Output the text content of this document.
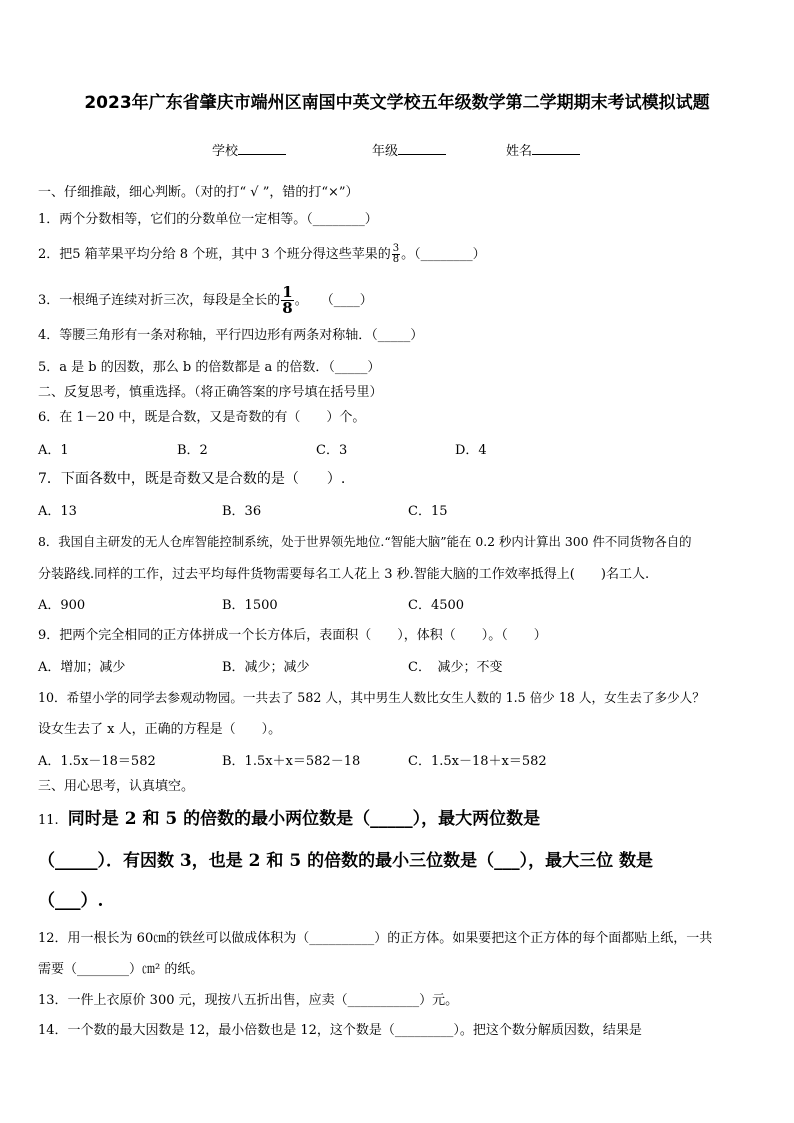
2023年广东省肇庆市端州区南国中英文学校五年级数学第二学期期末考试模拟试题
学校	年级	姓名
一、仔细推敲，细心判断。（对的打“ √ ”，错的打“×”）
1．两个分数相等，它们的分数单位一定相等。（________）
2．把5 箱苹果平均分给 8 个班，其中 3 个班分得这些苹果的 $\frac{3}{8}$ 。（________）
3．一根绳子连续对折三次，每段是全长的 $\frac{1}{8}$ 。　　（____）
4．等腰三角形有一条对称轴，平行四边形有两条对称轴．（_____）
5．a 是 b 的因数，那么 b 的倍数都是 a 的倍数．（_____）
二、反复思考，慎重选择。（将正确答案的序号填在括号里）
6．在 1－20 中，既是合数，又是奇数的有（　　）个。
A．1	B．2	C．3	D．4
7．下面各数中，既是奇数又是合数的是（　　）.
A．13	B．36	C．15
8．我国自主研发的无人仓库智能控制系统，处于世界领先地位.“智能大脑”能在 0.2 秒内计算出 300 件不同货物各自的
分装路线.同样的工作，过去平均每件货物需要每名工人花上 3 秒.智能大脑的工作效率抵得上(　　)名工人.
A．900	B．1500	C．4500
9．把两个完全相同的正方体拼成一个长方体后，表面积（　　），体积（　　）。（　　）
A．增加；减少	B．减少；减少	C．　减少；不变
10．希望小学的同学去参观动物园。一共去了 582 人，其中男生人数比女生人数的 1.5 倍少 18 人，女生去了多少人？
设女生去了 x 人，正确的方程是（　　）。
A．1.5x－18＝582	B．1.5x＋x＝582－18	C．1.5x－18＋x＝582
三、用心思考，认真填空。
11. 同时是 2 和 5 的倍数的最小两位数是（_____），最大两位数是
（_____）．有因数 3，也是 2 和 5 的倍数的最小三位数是（___），最大三位 数是
（___）.
12．用一根长为 60㎝的铁丝可以做成体积为（__________）的正方体。如果要把这个正方体的每个面都贴上纸，一共
需要（________）㎝² 的纸。
13．一件上衣原价 300 元，现按八五折出售，应卖（___________）元。
14．一个数的最大因数是 12，最小倍数也是 12，这个数是（_________）。把这个数分解质因数，结果是
